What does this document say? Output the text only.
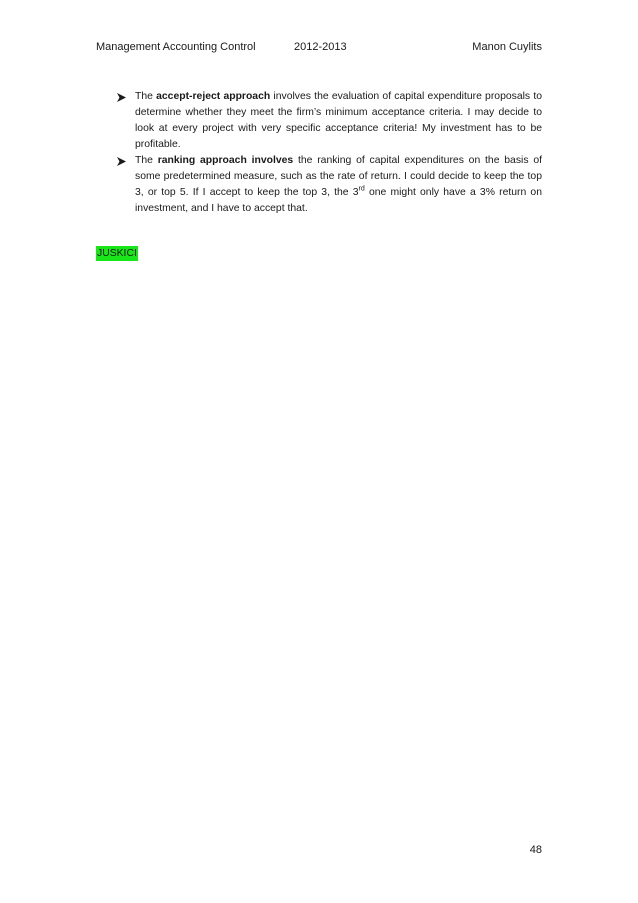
Management Accounting Control	2012-2013	Manon Cuylits
The accept-reject approach involves the evaluation of capital expenditure proposals to determine whether they meet the firm’s minimum acceptance criteria. I may decide to look at every project with very specific acceptance criteria! My investment has to be profitable.
The ranking approach involves the ranking of capital expenditures on the basis of some predetermined measure, such as the rate of return. I could decide to keep the top 3, or top 5. If I accept to keep the top 3, the 3rd one might only have a 3% return on investment, and I have to accept that.
JUSKICI
48
